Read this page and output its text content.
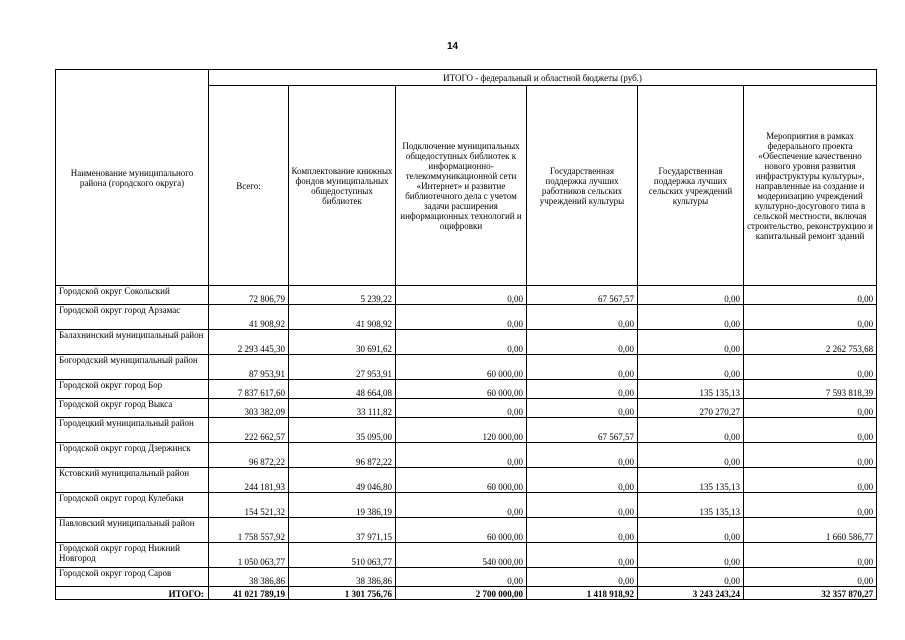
14
Наименование муниципального района (городского округа)	ИТОГО - федеральный и областной бюджеты (руб.)					
	Всего:	Комплектование книжных фондов муниципальных общедоступных библиотек	Подключение муниципальных общедоступных библиотек к информационно-телекоммуникационной сети «Интернет» и развитие библиотечного дела с учетом задачи расширения информационных технологий и оцифровки	Государственная поддержка лучших работников сельских учреждений культуры	Государственная поддержка лучших сельских учреждений культуры	Мероприятия в рамках федерального проекта «Обеспечение качественно нового уровня развития инфраструктуры культуры», направленные на создание и модернизацию учреждений культурно-досугового типа в сельской местности, включая строительство, реконструкцию и капитальный ремонт зданий
Городской округ Сокольский	72 806,79	5 239,22	0,00	67 567,57	0,00	0,00
Городской округ город Арзамас	41 908,92	41 908,92	0,00	0,00	0,00	0,00
Балахнинский муниципальный район	2 293 445,30	30 691,62	0,00	0,00	0,00	2 262 753,68
Богородский муниципальный район	87 953,91	27 953,91	60 000,00	0,00	0,00	0,00
Городской округ город Бор	7 837 617,60	48 664,08	60 000,00	0,00	135 135,13	7 593 818,39
Городской округ город Выкса	303 382,09	33 111,82	0,00	0,00	270 270,27	0,00
Городецкий муниципальный район	222 662,57	35 095,00	120 000,00	67 567,57	0,00	0,00
Городской округ город Дзержинск	96 872,22	96 872,22	0,00	0,00	0,00	0,00
Кстовский муниципальный район	244 181,93	49 046,80	60 000,00	0,00	135 135,13	0,00
Городской округ город Кулебаки	154 521,32	19 386,19	0,00	0,00	135 135,13	0,00
Павловский муниципальный район	1 758 557,92	37 971,15	60 000,00	0,00	0,00	1 660 586,77
Городской округ город Нижний Новгород	1 050 063,77	510 063,77	540 000,00	0,00	0,00	0,00
Городской округ город Саров	38 386,86	38 386,86	0,00	0,00	0,00	0,00
ИТОГО:	41 021 789,19	1 301 756,76	2 700 000,00	1 418 918,92	3 243 243,24	32 357 870,27
